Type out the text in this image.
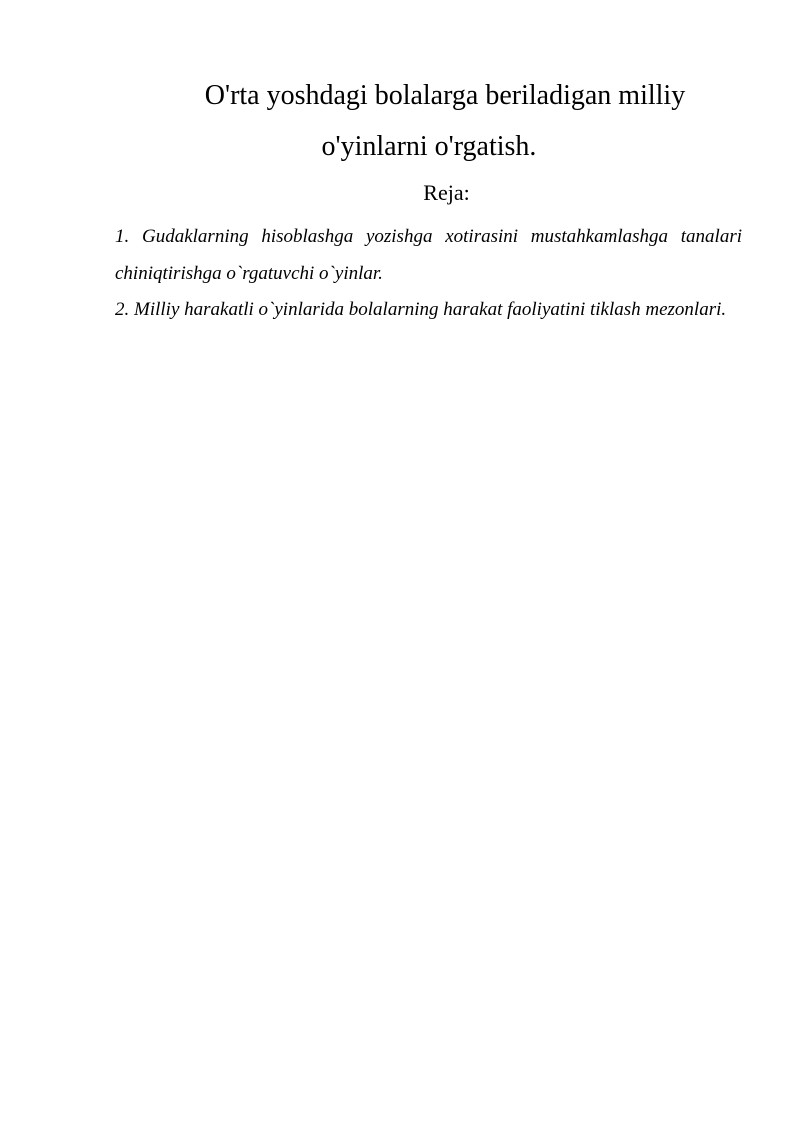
O'rta yoshdagi bolalarga beriladigan milliy
o'yinlarni o'rgatish.
Reja:
1. Gudaklarning hisoblashga yozishga xotirasini mustahkamlashga tanalari chiniqtirishga o`rgatuvchi o`yinlar.
2. Milliy harakatli o`yinlarida bolalarning harakat faoliyatini tiklash mezonlari.
